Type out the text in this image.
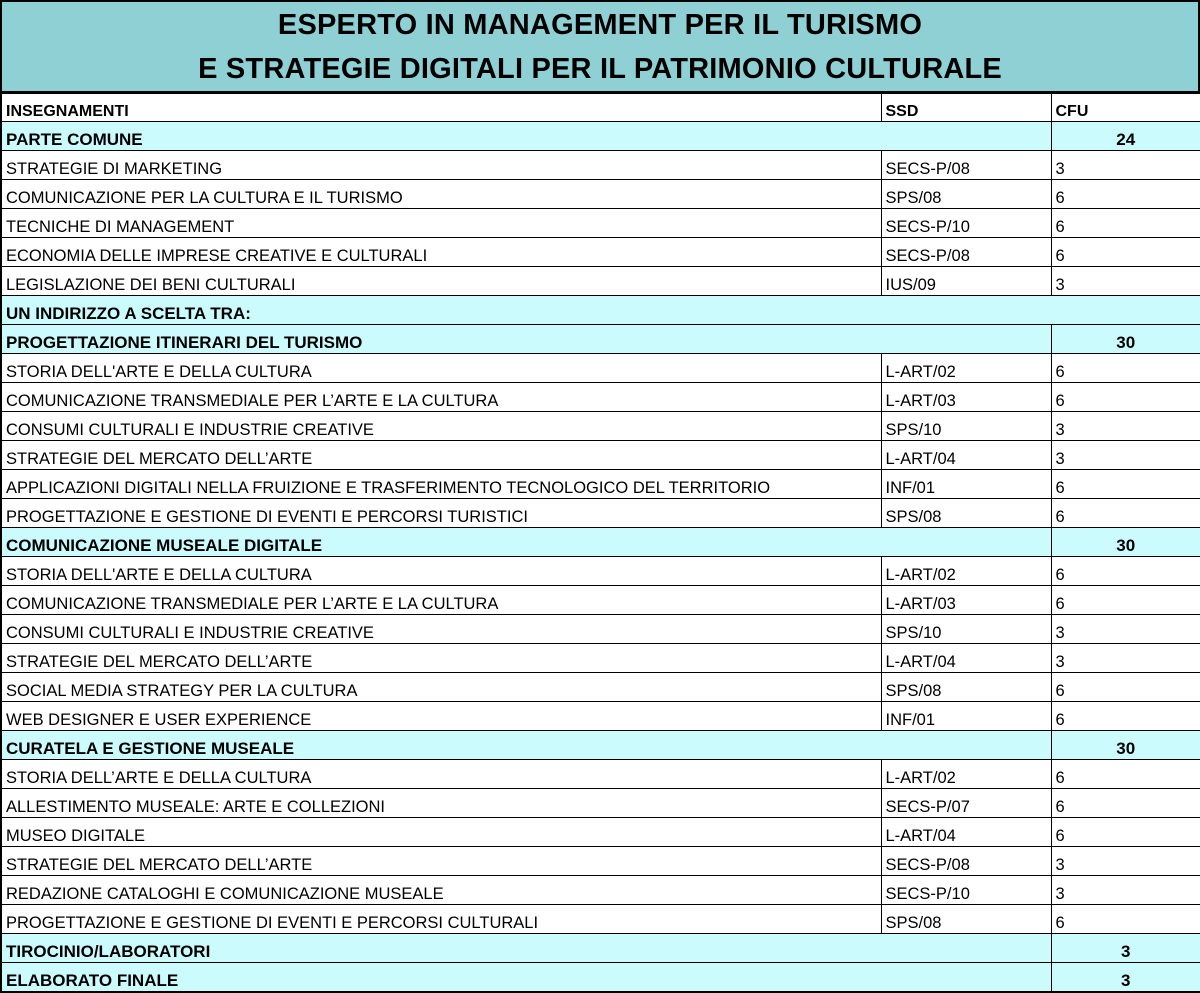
ESPERTO IN MANAGEMENT PER IL TURISMO
E STRATEGIE DIGITALI PER IL PATRIMONIO CULTURALE
INSEGNAMENTI	SSD	CFU
PARTE COMUNE		24
STRATEGIE DI MARKETING	SECS-P/08	3
COMUNICAZIONE PER LA CULTURA E IL TURISMO	SPS/08	6
TECNICHE DI MANAGEMENT	SECS-P/10	6
ECONOMIA DELLE IMPRESE CREATIVE E CULTURALI	SECS-P/08	6
LEGISLAZIONE DEI BENI CULTURALI	IUS/09	3
UN INDIRIZZO A SCELTA TRA:		
PROGETTAZIONE ITINERARI DEL TURISMO		30
STORIA DELL'ARTE E DELLA CULTURA	L-ART/02	6
COMUNICAZIONE TRANSMEDIALE PER L’ARTE E LA CULTURA	L-ART/03	6
CONSUMI CULTURALI E INDUSTRIE CREATIVE	SPS/10	3
STRATEGIE DEL MERCATO DELL’ARTE	L-ART/04	3
APPLICAZIONI DIGITALI NELLA FRUIZIONE E TRASFERIMENTO TECNOLOGICO DEL TERRITORIO	INF/01	6
PROGETTAZIONE E GESTIONE DI EVENTI E PERCORSI TURISTICI	SPS/08	6
COMUNICAZIONE MUSEALE DIGITALE		30
STORIA DELL'ARTE E DELLA CULTURA	L-ART/02	6
COMUNICAZIONE TRANSMEDIALE PER L’ARTE E LA CULTURA	L-ART/03	6
CONSUMI CULTURALI E INDUSTRIE CREATIVE	SPS/10	3
STRATEGIE DEL MERCATO DELL’ARTE	L-ART/04	3
SOCIAL MEDIA STRATEGY PER LA CULTURA	SPS/08	6
WEB DESIGNER E USER EXPERIENCE	INF/01	6
CURATELA E GESTIONE MUSEALE		30
STORIA DELL’ARTE E DELLA CULTURA	L-ART/02	6
ALLESTIMENTO MUSEALE: ARTE E COLLEZIONI	SECS-P/07	6
MUSEO DIGITALE	L-ART/04	6
STRATEGIE DEL MERCATO DELL’ARTE	SECS-P/08	3
REDAZIONE CATALOGHI E COMUNICAZIONE MUSEALE	SECS-P/10	3
PROGETTAZIONE E GESTIONE DI EVENTI E PERCORSI CULTURALI	SPS/08	6
TIROCINIO/LABORATORI		3
ELABORATO FINALE		3
